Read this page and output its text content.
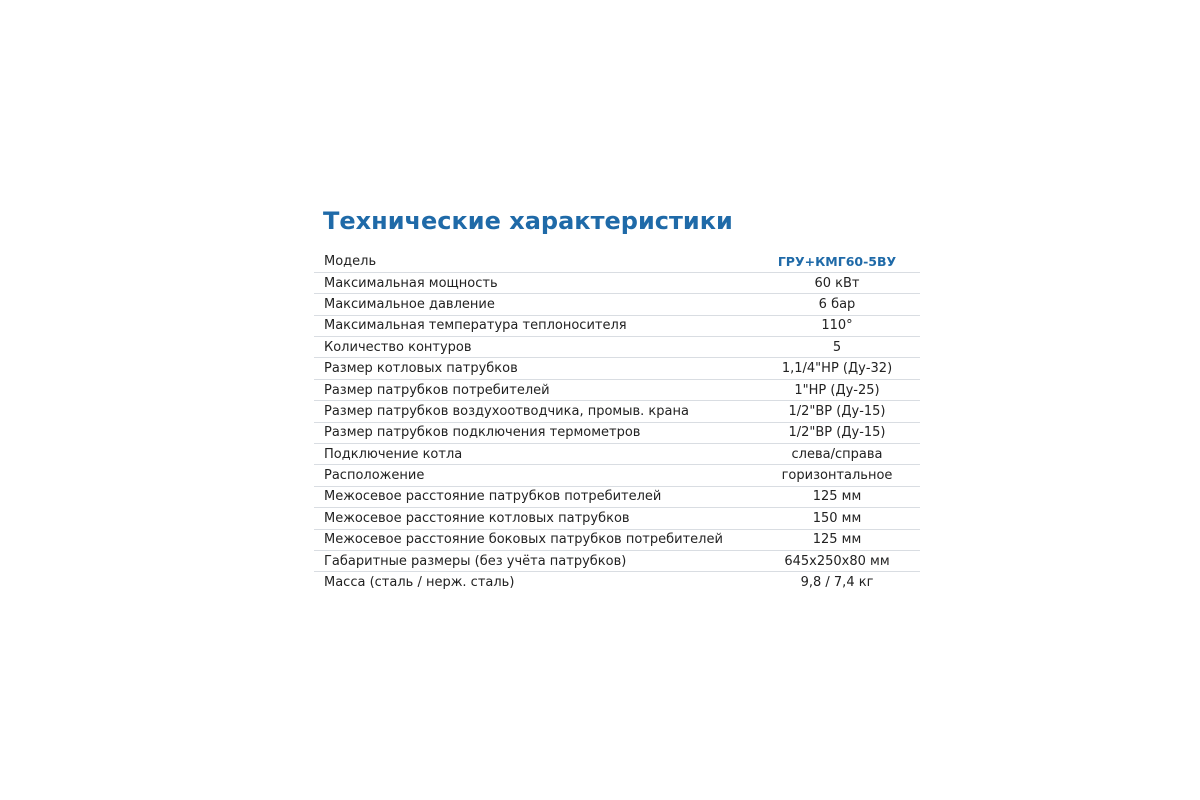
Технические характеристики
Модель	ГРУ+КМГ60-5ВУ
Максимальная мощность	60 кВт
Максимальное давление	6 бар
Максимальная температура теплоносителя	110°
Количество контуров	5
Размер котловых патрубков	1,1/4"НР (Ду-32)
Размер патрубков потребителей	1"НР (Ду-25)
Размер патрубков воздухоотводчика, промыв. крана	1/2"ВР (Ду-15)
Размер патрубков подключения термометров	1/2"ВР (Ду-15)
Подключение котла	слева/справа
Расположение	горизонтальное
Межосевое расстояние патрубков потребителей	125 мм
Межосевое расстояние котловых патрубков	150 мм
Межосевое расстояние боковых патрубков потребителей	125 мм
Габаритные размеры (без учёта патрубков)	645х250х80 мм
Масса (сталь / нерж. сталь)	9,8 / 7,4 кг
